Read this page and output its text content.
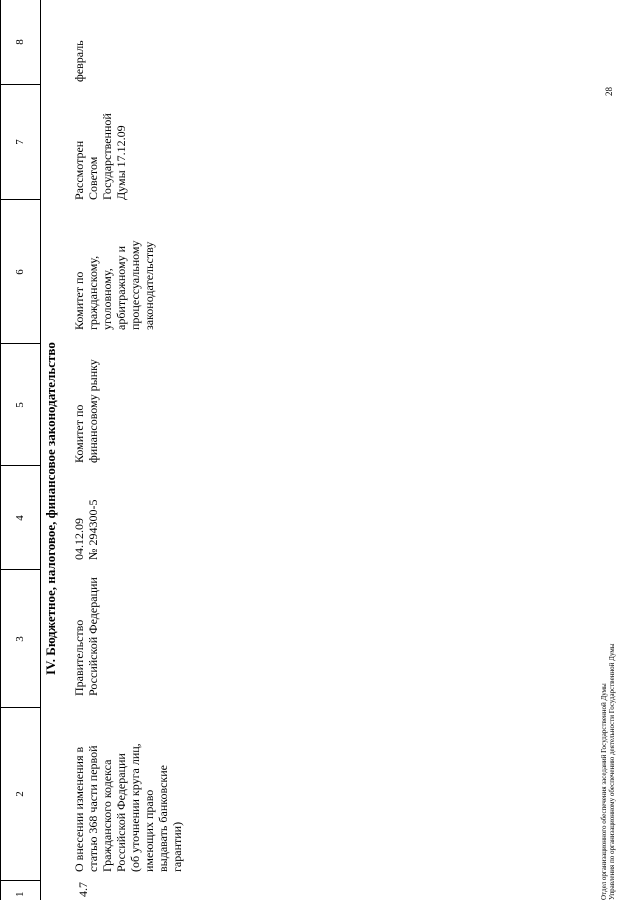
1
2
3
4
5
6
7
8
IV. Бюджетное, налоговое, финансовое законодательство
4.7
О внесении изменения в статью 368 части первой Гражданского кодекса Российской Федерации (об уточнении круга лиц, имеющих право выдавать банковские гарантии)
Правительство Российской Федерации
04.12.09 № 294300-5
Комитет по финансовому рынку
Комитет по гражданскому, уголовному, арбитражному и процессуальному законодательству
Рассмотрен Советом Государственной Думы 17.12.09
февраль
Отдел организационного обеспечения заседаний Государственной Думы Управления по организационному обеспечению деятельности Государственной Думы
28
